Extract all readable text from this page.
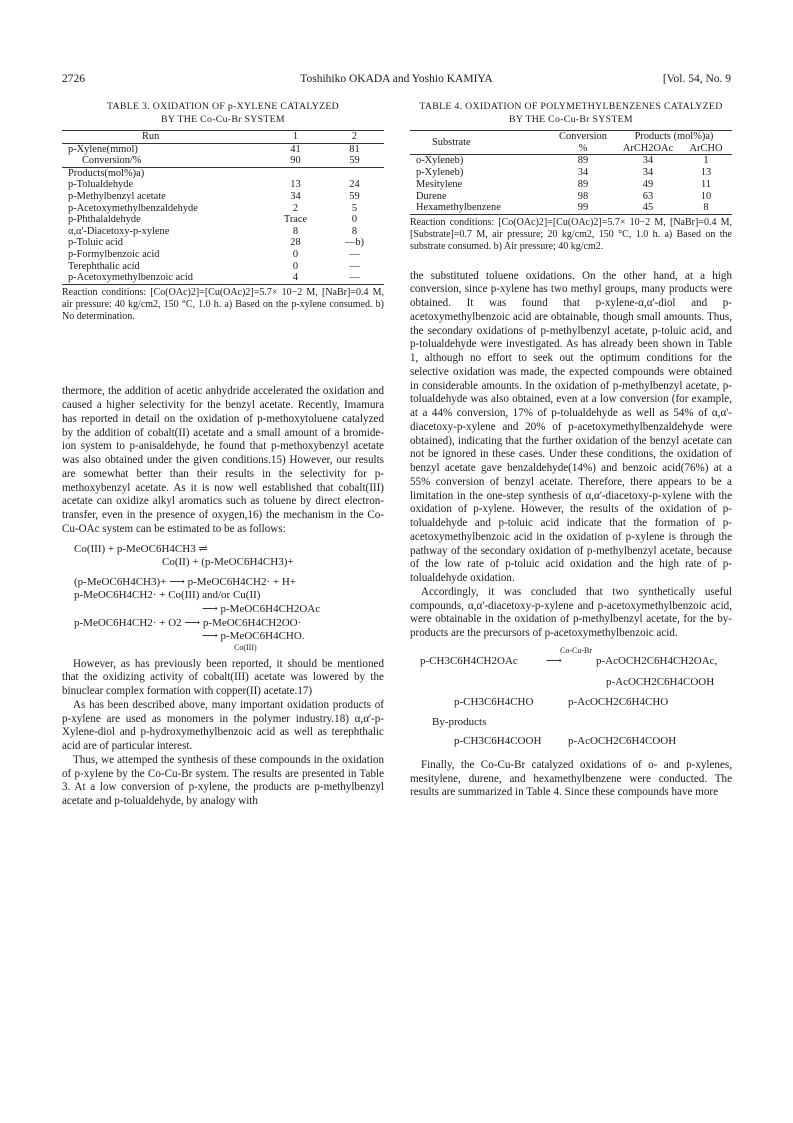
2726	Toshihiko OKADA and Yoshio KAMIYA	[Vol. 54, No. 9
TABLE 3. OXIDATION OF p-XYLENE CATALYZED
BY THE Co-Cu-Br SYSTEM
Run	1	2
p-Xylene(mmol)	41	81
Conversion/%	90	59
Products(mol%)a)		
p-Tolualdehyde	13	24
p-Methylbenzyl acetate	34	59
p-Acetoxymethylbenzaldehyde	2	5
p-Phthalaldehyde	Trace	0
α,α'-Diacetoxy-p-xylene	8	8
p-Toluic acid	28	—b)
p-Formylbenzoic acid	0	—
Terephthalic acid	0	—
p-Acetoxymethylbenzoic acid	4	—
Reaction conditions: [Co(OAc)2]=[Cu(OAc)2]=5.7× 10−2 M, [NaBr]=0.4 M, air pressure: 40 kg/cm2, 150 °C, 1.0 h. a) Based on the p-xylene consumed. b) No determination.

thermore, the addition of acetic anhydride accelerated the oxidation and caused a higher selectivity for the benzyl acetate. Recently, Imamura has reported in detail on the oxidation of p-methoxytoluene catalyzed by the addition of cobalt(II) acetate and a small amount of a bromide-ion system to p-anisaldehyde, he found that p-methoxybenzyl acetate was also obtained under the given conditions.15) However, our results are somewhat better than their results in the selectivity for p-methoxybenzyl acetate. As it is now well established that cobalt(III) acetate can oxidize alkyl aromatics such as toluene by direct electron-transfer, even in the presence of oxygen,16) the mechanism in the Co-Cu-OAc system can be estimated to be as follows:

Co(III) + p-MeOC6H4CH3 ⇌
Co(II) + (p-MeOC6H4CH3)+
(p-MeOC6H4CH3)+ ⟶ p-MeOC6H4CH2· + H+
p-MeOC6H4CH2· + Co(III) and/or Cu(II)
⟶ p-MeOC6H4CH2OAc
p-MeOC6H4CH2· + O2 ⟶ p-MeOC6H4CH2OO·
⟶ p-MeOC6H4CHO.
Co(III)

However, as has previously been reported, it should be mentioned that the oxidizing activity of cobalt(III) acetate was lowered by the binuclear complex formation with copper(II) acetate.17)

As has been described above, many important oxidation products of p-xylene are used as monomers in the polymer industry.18) α,α'-p-Xylene-diol and p-hydroxymethylbenzoic acid as well as terephthalic acid are of particular interest.

Thus, we attemped the synthesis of these compounds in the oxidation of p-xylene by the Co-Cu-Br system. The results are presented in Table 3. At a low conversion of p-xylene, the products are p-methylbenzyl acetate and p-tolualdehyde, by analogy with

TABLE 4. OXIDATION OF POLYMETHYLBENZENES CATALYZED
BY THE Co-Cu-Br SYSTEM
Substrate	Conversion	Products (mol%)a)	
	%	ArCH2OAc	ArCHO
o-Xyleneb)	89	34	1
p-Xyleneb)	34	34	13
Mesitylene	89	49	11
Durene	98	63	10
Hexamethylbenzene	99	45	8
Reaction conditions: [Co(OAc)2]=[Cu(OAc)2]=5.7× 10−2 M, [NaBr]=0.4 M, [Substrate]=0.7 M, air pressure; 20 kg/cm2, 150 °C, 1.0 h. a) Based on the substrate consumed. b) Air pressure; 40 kg/cm2.

the substituted toluene oxidations. On the other hand, at a high conversion, since p-xylene has two methyl groups, many products were obtained. It was found that p-xylene-α,α'-diol and p-acetoxymethylbenzoic acid are obtainable, though small amounts. Thus, the secondary oxidations of p-methylbenzyl acetate, p-toluic acid, and p-tolualdehyde were investigated. As has already been shown in Table 1, although no effort to seek out the optimum conditions for the selective oxidation was made, the expected compounds were obtained in considerable amounts. In the oxidation of p-methylbenzyl acetate, p-tolualdehyde was also obtained, even at a low conversion (for example, at a 44% conversion, 17% of p-tolualdehyde as well as 54% of α,α'-diacetoxy-p-xylene and 20% of p-acetoxymethylbenzaldehyde were obtained), indicating that the further oxidation of the benzyl acetate can not be ignored in these cases. Under these conditions, the oxidation of benzyl acetate gave benzaldehyde(14%) and benzoic acid(76%) at a 55% conversion of benzyl acetate. Therefore, there appears to be a limitation in the one-step synthesis of α,α'-diacetoxy-p-xylene with the oxidation of p-xylene. However, the results of the oxidation of p-tolualdehyde and p-toluic acid indicate that the formation of p-acetoxymethylbenzoic acid in the oxidation of p-xylene is through the pathway of the secondary oxidation of p-methylbenzyl acetate, because of the low rate of p-toluic acid oxidation and the high rate of p-tolualdehyde oxidation.

Accordingly, it was concluded that two synthetically useful compounds, α,α'-diacetoxy-p-xylene and p-acetoxymethylbenzoic acid, were obtainable in the oxidation of p-methylbenzyl acetate, for the by-products are the precursors of p-acetoxymethylbenzoic acid.

Co-Cu-Br
p-CH3C6H4CH2OAc	⟶	p-AcOCH2C6H4CH2OAc,
p-AcOCH2C6H4COOH
p-CH3C6H4CHO	p-AcOCH2C6H4CHO
By-products
p-CH3C6H4COOH p-AcOCH2C6H4COOH

Finally, the Co-Cu-Br catalyzed oxidations of o- and p-xylenes, mesitylene, durene, and hexamethylbenzene were conducted. The results are summarized in Table 4. Since these compounds have more
